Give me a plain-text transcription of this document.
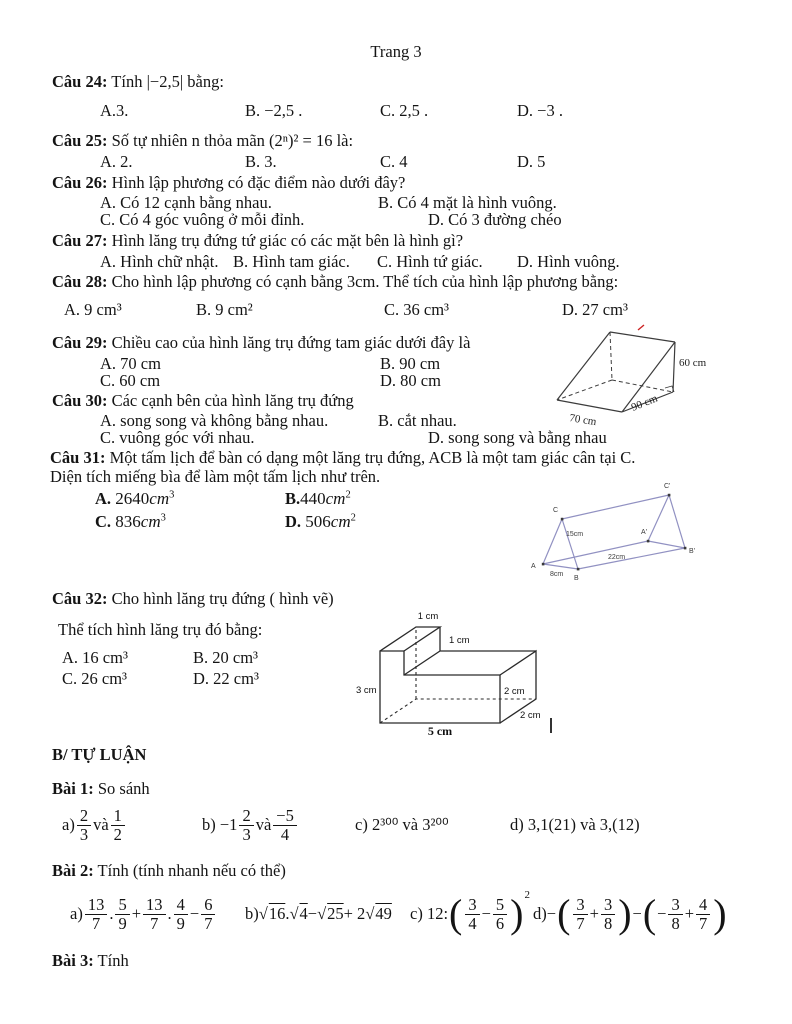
Trang 3
Câu 24: Tính |−2,5| bằng:
A.3.	B. −2,5 .	C. 2,5 .	D. −3 .
Câu 25: Số tự nhiên n thỏa mãn (2ⁿ)² = 16 là:
A. 2.	B. 3.	C. 4	D. 5
Câu 26: Hình lập phương có đặc điểm nào dưới đây?
A. Có 12 cạnh bằng nhau.	B. Có 4 mặt là hình vuông.
C. Có 4 góc vuông ở mỗi đỉnh.	D. Có 3 đường chéo
Câu 27: Hình lăng trụ đứng tứ giác có các mặt bên là hình gì?
A. Hình chữ nhật. B. Hình tam giác. C. Hình tứ giác. D. Hình vuông.
Câu 28: Cho hình lập phương có cạnh bằng 3cm. Thể tích của hình lập phương bằng:
A. 9 cm³	B. 9 cm²	C. 36 cm³	D. 27 cm³
Câu 29: Chiều cao của hình lăng trụ đứng tam giác dưới đây là
A. 70 cm	B. 90 cm
C. 60 cm	D. 80 cm
Câu 30: Các cạnh bên của hình lăng trụ đứng
A. song song và không bằng nhau.	B. cắt nhau.
C. vuông góc với nhau.	D. song song và bằng nhau
Câu 31: Một tấm lịch để bàn có dạng một lăng trụ đứng, ACB là một tam giác cân tại C.
Diện tích miếng bìa để làm một tấm lịch như trên.
A. $2640cm^3$	$B.440cm^2$
C. $836cm^3$	D. $506cm^2$
Câu 32: Cho hình lăng trụ đứng ( hình vẽ)
Thể tích hình lăng trụ đó bằng:
A. 16 cm³	B. 20 cm³
C. 26 cm³	D. 22 cm³
B/ TỰ LUẬN
Bài 1: So sánh
$a) \frac{2}{3}$ và $\frac{1}{2}$	$b) -1 \frac{2}{3}$ và $\frac{-5}{4}$	c) 2³⁰⁰ và 3²⁰⁰	d) 3,1(21) và 3,(12)
Bài 2: Tính (tính nhanh nếu có thể)
$a) \frac{13}{7}$ . $\frac{5}{9} + \frac{13}{7}$ . $\frac{4}{9} - \frac{6}{7} b$) √16 . √4 − √25 + 2 √49 c) 12: ( $\frac{3}{4} - \frac{5}{6}$ ) 2
d)− ( $\frac{3}{7} + \frac{3}{8}$ ) − ( − $\frac{3}{8} + \frac{4}{7}$ )
Bài 3: Tính
60 cm
70 cm
90 cm
C
A
B
C'
A'
B'
15cm
22cm
8cm
1 cm
1 cm
3 cm	2 cm
2 cm
5 cm
